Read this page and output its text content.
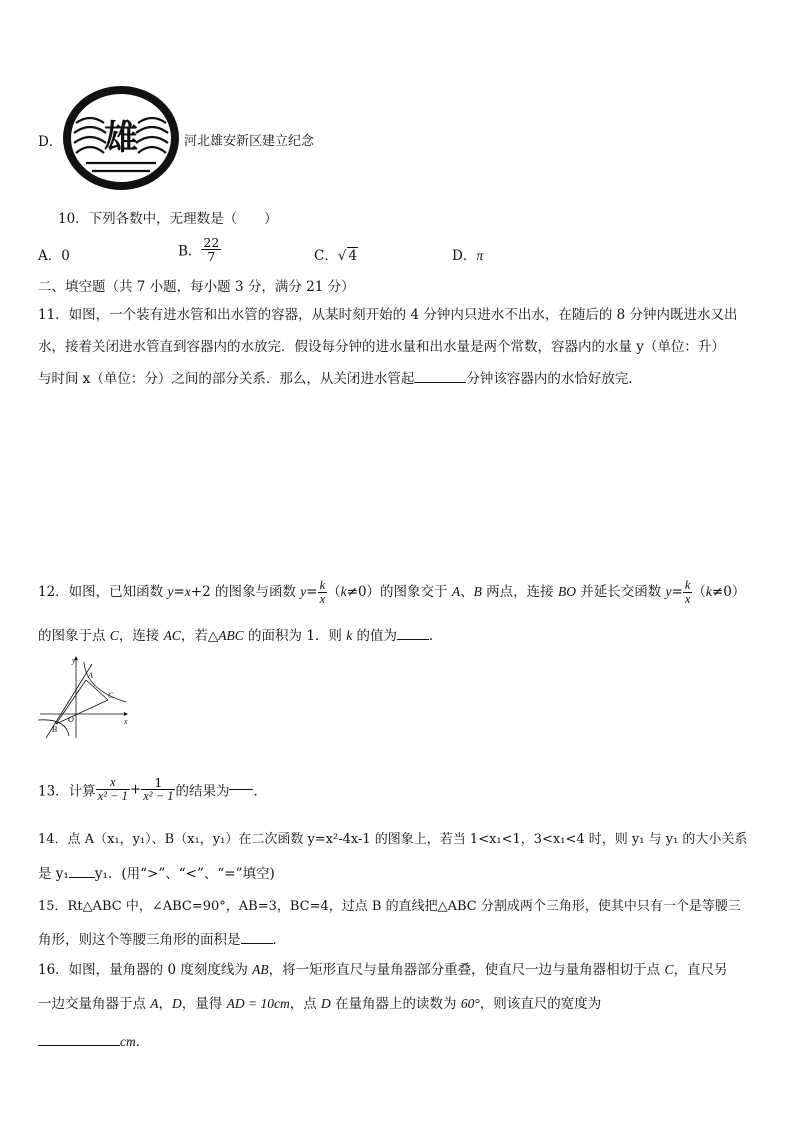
D． 雄	河北雄安新区建立纪念
10．下列各数中，无理数是（　　）
A．0	B． $\frac{22}{7}$	C．√ 4	D．π
二、填空题（共 7 小题，每小题 3 分，满分 21 分）
11．如图，一个装有进水管和出水管的容器，从某时刻开始的 4 分钟内只进水不出水，在随后的 8 分钟内既进水又出
水，接着关闭进水管直到容器内的水放完．假设每分钟的进水量和出水量是两个常数，容器内的水量 y（单位：升）
与时间 x（单位：分）之间的部分关系．那么，从关闭进水管起	分钟该容器内的水恰好放完．
12．如图，已知函数 y=x+2 的图象与函数 $y= \frac{k}{x} (k\ne 0)$的图象交于 A、B 两点，连接 BO 并延长交函数 $y= \frac{k}{x} (k\ne 0)$
的图象于点 C，连接 AC，若△ABC 的面积为 1．则 k 的值为 ．
y
x
O
A
B
C
13．计算 $\frac{x}{\text{x² − 1}} + \frac{1}{\text{x² − 1}}$ 的结果为 ．
14．点 A（x₁，y₁）、B（x₁，y₁）在二次函数 y=x²-4x-1 的图象上，若当 1<x₁<1，3<x₁<4 时，则 y₁ 与 y₁ 的大小关系
是 y₁ y₁．(用“>”、“<”、“=”填空)
15．Rt△ABC 中，∠ABC=90°，AB=3，BC=4，过点 B 的直线把△ABC 分割成两个三角形，使其中只有一个是等腰三
角形，则这个等腰三角形的面积是 ．
16．如图，量角器的 0 度刻度线为 AB，将一矩形直尺与量角器部分重叠，使直尺一边与量角器相切于点 C，直尺另
一边交量角器于点 A，D，量得 AD = 10cm，点 D 在量角器上的读数为 60°，则该直尺的宽度为
cm．
